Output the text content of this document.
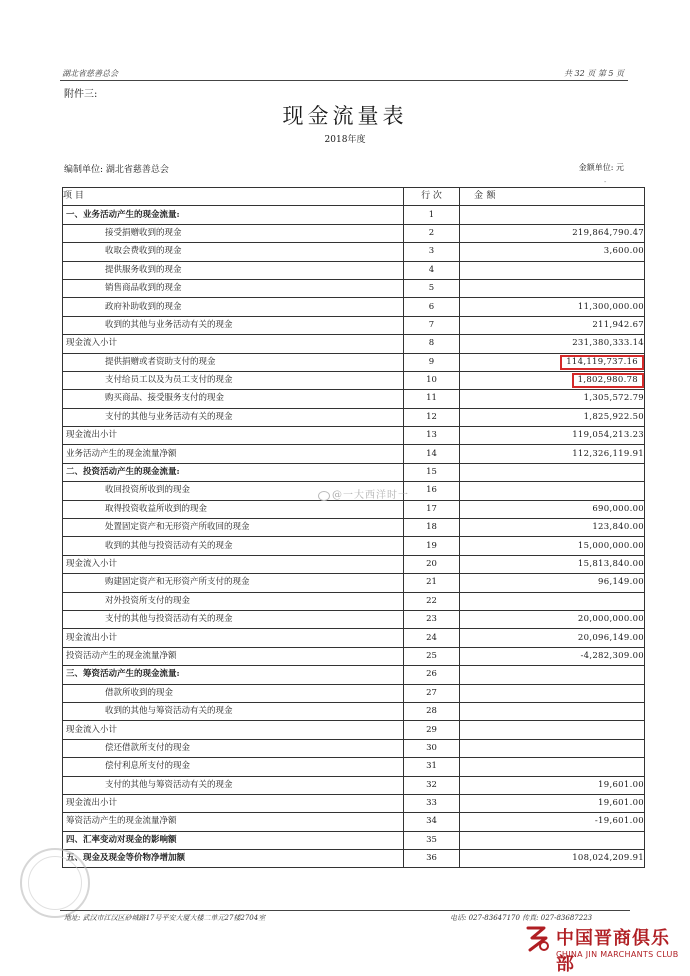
湖北省慈善总会	共 32 页 第 5 页
附件三:
现金流量表
2018年度
编制单位: 湖北省慈善总会	金额单位: 元
-
项 目	行 次	金 额
一、业务活动产生的现金流量:	1	
接受捐赠收到的现金	2	219,864,790.47
收取会费收到的现金	3	3,600.00
提供服务收到的现金	4	
销售商品收到的现金	5	
政府补助收到的现金	6	11,300,000.00
收到的其他与业务活动有关的现金	7	211,942.67
现金流入小计	8	231,380,333.14
提供捐赠或者资助支付的现金	9	114,119,737.16
支付给员工以及为员工支付的现金	10	1,802,980.78
购买商品、接受服务支付的现金	11	1,305,572.79
支付的其他与业务活动有关的现金	12	1,825,922.50
现金流出小计	13	119,054,213.23
业务活动产生的现金流量净额	14	112,326,119.91
二、投资活动产生的现金流量:	15	
收回投资所收到的现金	16	
取得投资收益所收到的现金	17	690,000.00
处置固定资产和无形资产所收回的现金	18	123,840.00
收到的其他与投资活动有关的现金	19	15,000,000.00
现金流入小计	20	15,813,840.00
购建固定资产和无形资产所支付的现金	21	96,149.00
对外投资所支付的现金	22	
支付的其他与投资活动有关的现金	23	20,000,000.00
现金流出小计	24	20,096,149.00
投资活动产生的现金流量净额	25	-4,282,309.00
三、筹资活动产生的现金流量:	26	
借款所收到的现金	27	
收到的其他与筹资活动有关的现金	28	
现金流入小计	29	
偿还借款所支付的现金	30	
偿付利息所支付的现金	31	
支付的其他与筹资活动有关的现金	32	19,601.00
现金流出小计	33	19,601.00
筹资活动产生的现金流量净额	34	-19,601.00
四、汇率变动对现金的影响额	35	
五、现金及现金等价物净增加额	36	108,024,209.91
@一大西洋时一
地址: 武汉市江汉区砂城路17号平安大厦大楼二单元27楼2704室	电话: 027-83647170 传真: 027-83687223
中国晋商俱乐部
CHINA JIN MARCHANTS CLUB
